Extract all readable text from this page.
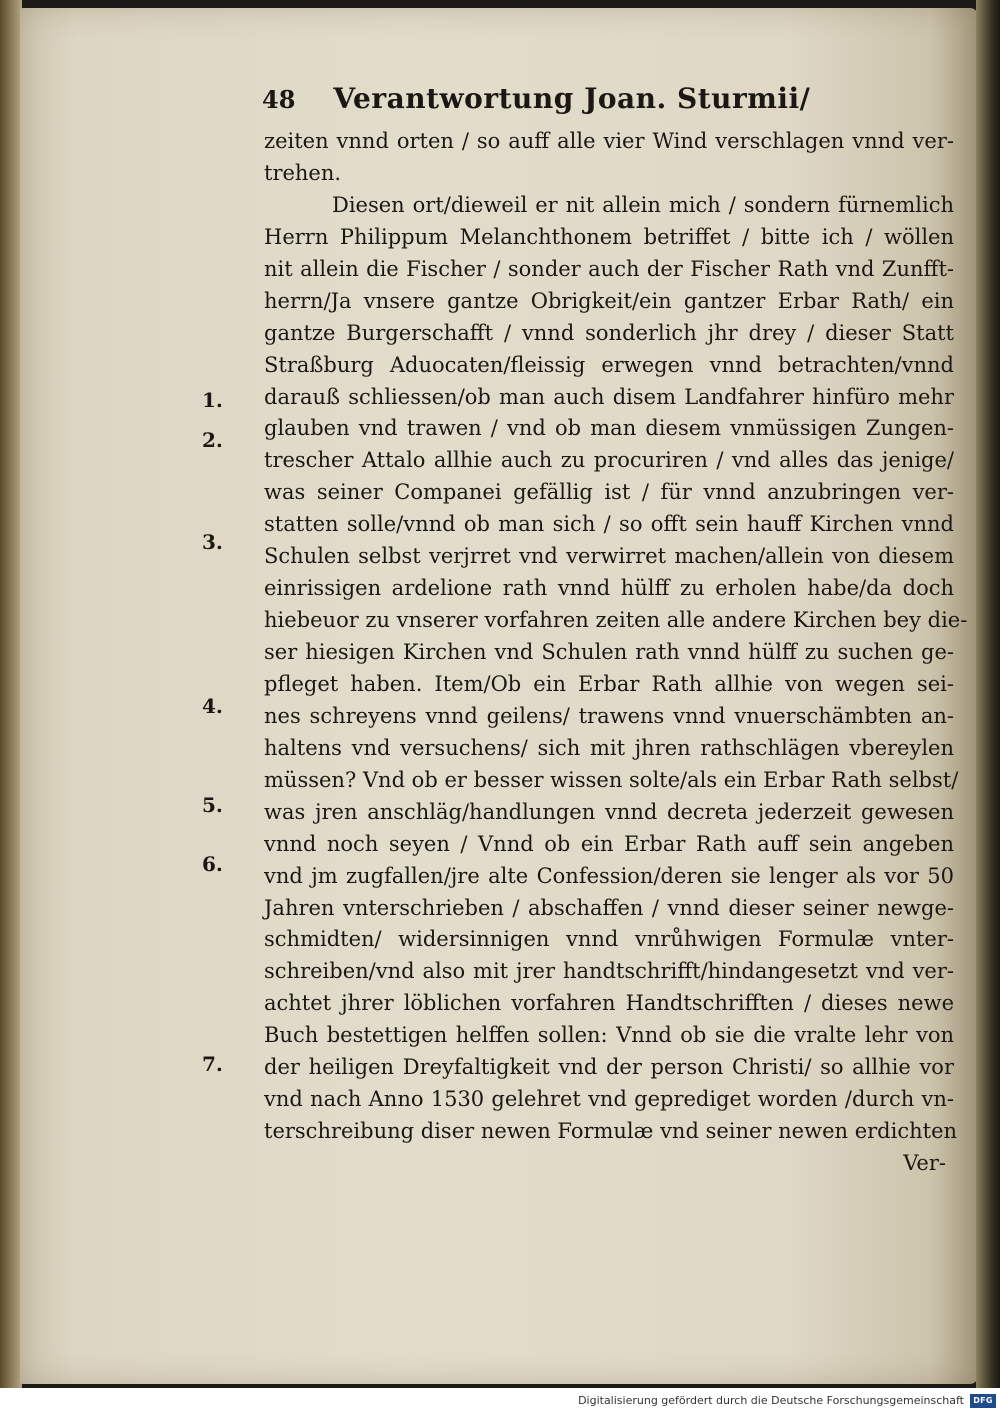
48 Verantwortung Joan. Sturmii/
zeiten vnnd orten / so auff alle vier Wind verschlagen vnnd ver-
trehen.
Diesen ort/dieweil er nit allein mich / sondern fürnemlich
Herrn Philippum Melanchthonem betriffet / bitte ich / wöllen
nit allein die Fischer / sonder auch der Fischer Rath vnd Zunfft-
herrn/Ja vnsere gantze Obrigkeit/ein gantzer Erbar Rath/ ein
gantze Burgerschafft / vnnd sonderlich jhr drey / dieser Statt
Straßburg Aduocaten/fleissig erwegen vnnd betrachten/vnnd
darauß schliessen/ob man auch disem Landfahrer hinfüro mehr
glauben vnd trawen / vnd ob man diesem vnmüssigen Zungen-
trescher Attalo allhie auch zu procuriren / vnd alles das jenige/
was seiner Companei gefällig ist / für vnnd anzubringen ver-
statten solle/vnnd ob man sich / so offt sein hauff Kirchen vnnd
Schulen selbst verjrret vnd verwirret machen/allein von diesem
einrissigen ardelione rath vnnd hülff zu erholen habe/da doch
hiebeuor zu vnserer vorfahren zeiten alle andere Kirchen bey die-
ser hiesigen Kirchen vnd Schulen rath vnnd hülff zu suchen ge-
pfleget haben. Item/Ob ein Erbar Rath allhie von wegen sei-
nes schreyens vnnd geilens/ trawens vnnd vnuerschämbten an-
haltens vnd versuchens/ sich mit jhren rathschlägen vbereylen
müssen? Vnd ob er besser wissen solte/als ein Erbar Rath selbst/
was jren anschläg/handlungen vnnd decreta jederzeit gewesen
vnnd noch seyen / Vnnd ob ein Erbar Rath auff sein angeben
vnd jm zugfallen/jre alte Confession/deren sie lenger als vor 50
Jahren vnterschrieben / abschaffen / vnnd dieser seiner newge-
schmidten/ widersinnigen vnnd vnrůhwigen Formulæ vnter-
schreiben/vnd also mit jrer handtschrifft/hindangesetzt vnd ver-
achtet jhrer löblichen vorfahren Handtschrifften / dieses newe
Buch bestettigen helffen sollen: Vnnd ob sie die vralte lehr von
der heiligen Dreyfaltigkeit vnd der person Christi/ so allhie vor
vnd nach Anno 1530 gelehret vnd geprediget worden /durch vn-
terschreibung diser newen Formulæ vnd seiner newen erdichten
Ver-
1.
2.
3.
4.
5.
6.
7.
Digitalisierung gefördert durch die Deutsche Forschungsgemeinschaft	DFG
